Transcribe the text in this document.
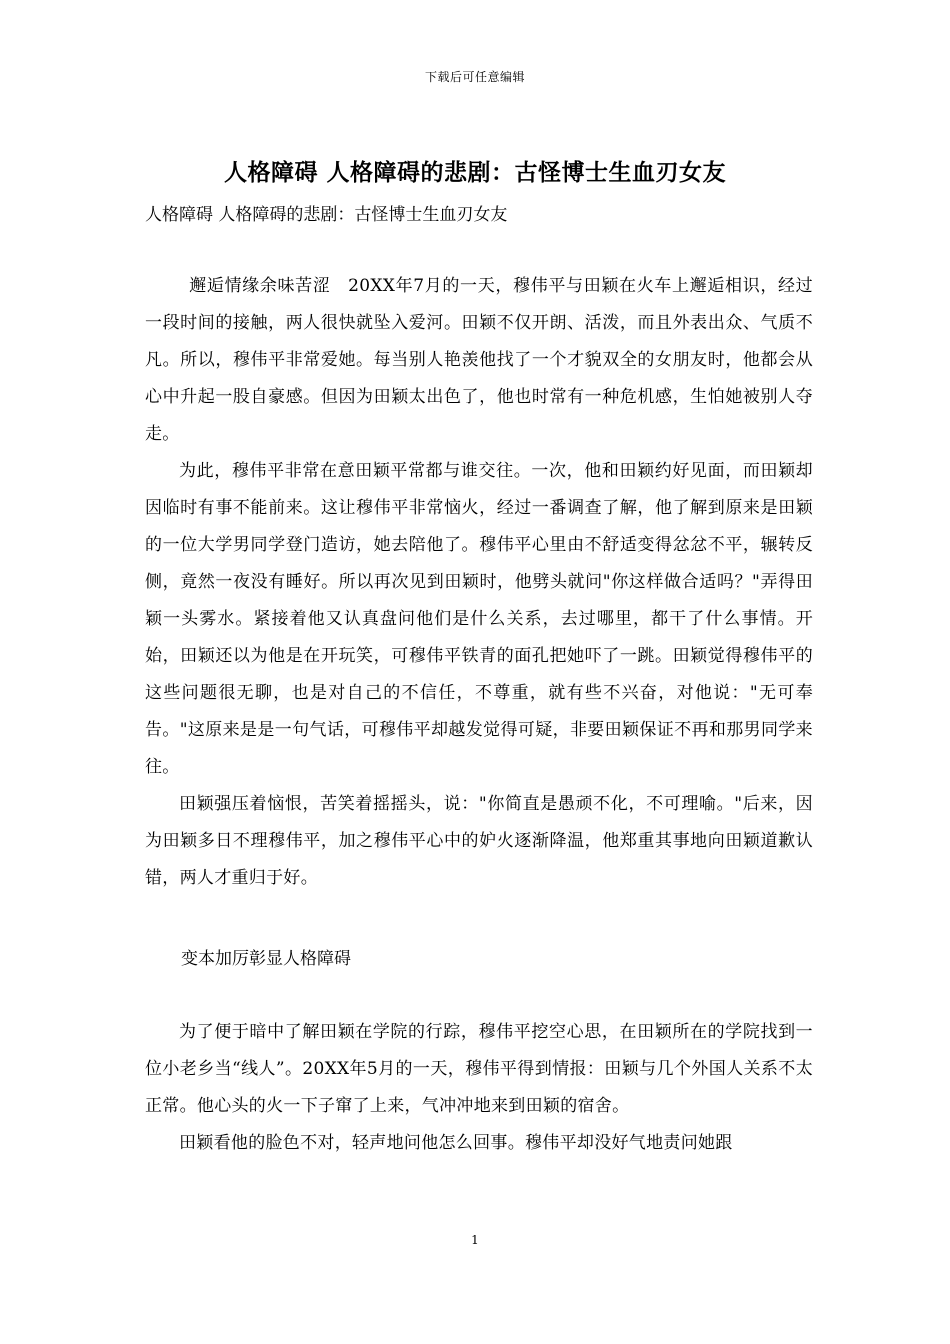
下载后可任意编辑
人格障碍 人格障碍的悲剧：古怪博士生血刃女友
人格障碍 人格障碍的悲剧：古怪博士生血刃女友

邂逅情缘余味苦涩　20XX年7月的一天，穆伟平与田颖在火车上邂逅相识，经过一段时间的接触，两人很快就坠入爱河。田颖不仅开朗、活泼，而且外表出众、气质不凡。所以，穆伟平非常爱她。每当别人艳羡他找了一个才貌双全的女朋友时，他都会从心中升起一股自豪感。但因为田颖太出色了，他也时常有一种危机感，生怕她被别人夺走。

为此，穆伟平非常在意田颖平常都与谁交往。一次，他和田颖约好见面，而田颖却因临时有事不能前来。这让穆伟平非常恼火，经过一番调查了解，他了解到原来是田颖的一位大学男同学登门造访，她去陪他了。穆伟平心里由不舒适变得忿忿不平，辗转反侧，竟然一夜没有睡好。所以再次见到田颖时，他劈头就问"你这样做合适吗？"弄得田颖一头雾水。紧接着他又认真盘问他们是什么关系，去过哪里，都干了什么事情。开始，田颖还以为他是在开玩笑，可穆伟平铁青的面孔把她吓了一跳。田颖觉得穆伟平的这些问题很无聊，也是对自己的不信任，不尊重，就有些不兴奋，对他说："无可奉告。"这原来是是一句气话，可穆伟平却越发觉得可疑，非要田颖保证不再和那男同学来往。

田颖强压着恼恨，苦笑着摇摇头，说："你简直是愚顽不化，不可理喻。"后来，因为田颖多日不理穆伟平，加之穆伟平心中的妒火逐渐降温，他郑重其事地向田颖道歉认错，两人才重归于好。

变本加厉彰显人格障碍

为了便于暗中了解田颖在学院的行踪，穆伟平挖空心思，在田颖所在的学院找到一位小老乡当“线人”。20XX年5月的一天，穆伟平得到情报：田颖与几个外国人关系不太正常。他心头的火一下子窜了上来，气冲冲地来到田颖的宿舍。

田颖看他的脸色不对，轻声地问他怎么回事。穆伟平却没好气地责问她跟

1
